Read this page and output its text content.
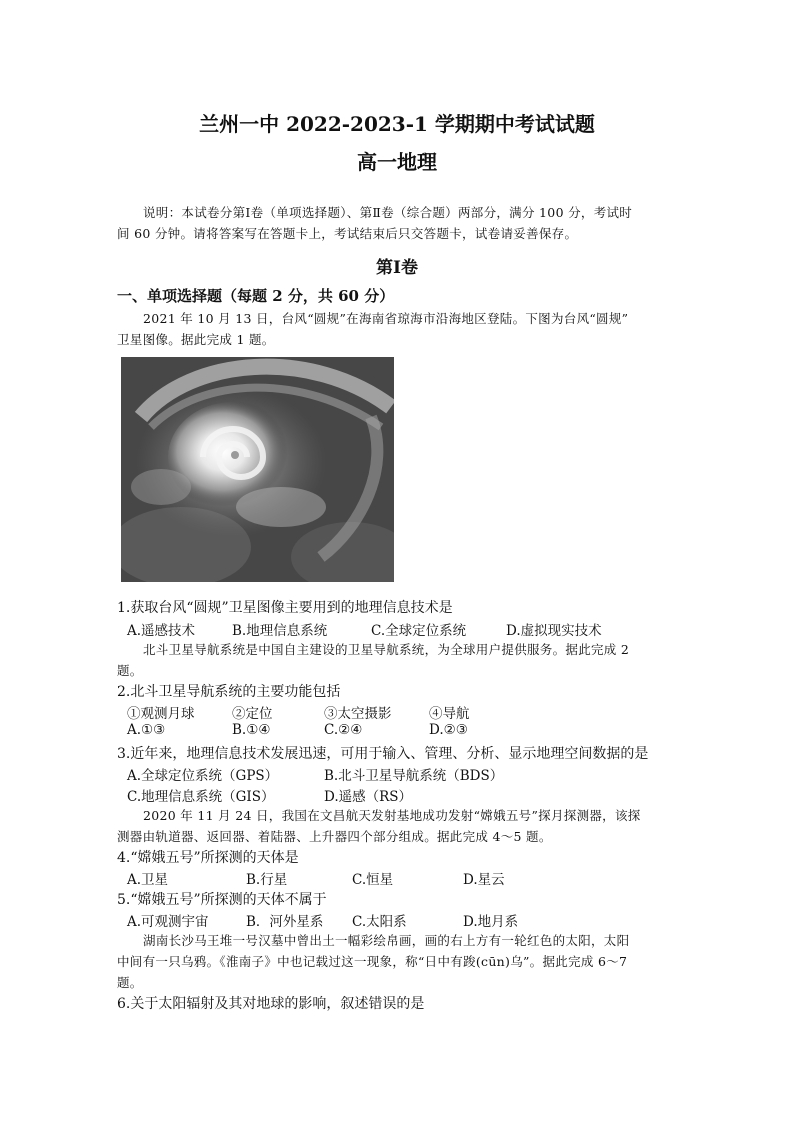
兰州一中 2022-2023-1 学期期中考试试题
高一地理
说明：本试卷分第Ⅰ卷（单项选择题）、第Ⅱ卷（综合题）两部分，满分 100 分，考试时
间 60 分钟。请将答案写在答题卡上，考试结束后只交答题卡，试卷请妥善保存。
第Ⅰ卷
一、单项选择题（每题 2 分，共 60 分）
2021 年 10 月 13 日，台风“圆规”在海南省琼海市沿海地区登陆。下图为台风“圆规”
卫星图像。据此完成 1 题。
1.获取台风“圆规”卫星图像主要用到的地理信息技术是
A.遥感技术	B.地理信息系统	C.全球定位系统	D.虚拟现实技术
北斗卫星导航系统是中国自主建设的卫星导航系统，为全球用户提供服务。据此完成 2
题。
2.北斗卫星导航系统的主要功能包括
①观测月球	②定位	③太空摄影	④导航
A.①③	B.①④	C.②④	D.②③
3.近年来，地理信息技术发展迅速，可用于输入、管理、分析、显示地理空间数据的是
A.全球定位系统（GPS）	B.北斗卫星导航系统（BDS）
C.地理信息系统（GIS）	D.遥感（RS）
2020 年 11 月 24 日，我国在文昌航天发射基地成功发射“嫦娥五号”探月探测器，该探
测器由轨道器、返回器、着陆器、上升器四个部分组成。据此完成 4～5 题。
4.“嫦娥五号”所探测的天体是
A.卫星	B.行星	C.恒星	D.星云
5.“嫦娥五号”所探测的天体不属于
A.可观测宇宙	B．河外星系 C.太阳系	D.地月系
湖南长沙马王堆一号汉墓中曾出土一幅彩绘帛画，画的右上方有一轮红色的太阳，太阳
中间有一只乌鸦。《淮南子》中也记载过这一现象，称“日中有踆(cūn)乌”。据此完成 6～7
题。
6.关于太阳辐射及其对地球的影响，叙述错误的是
